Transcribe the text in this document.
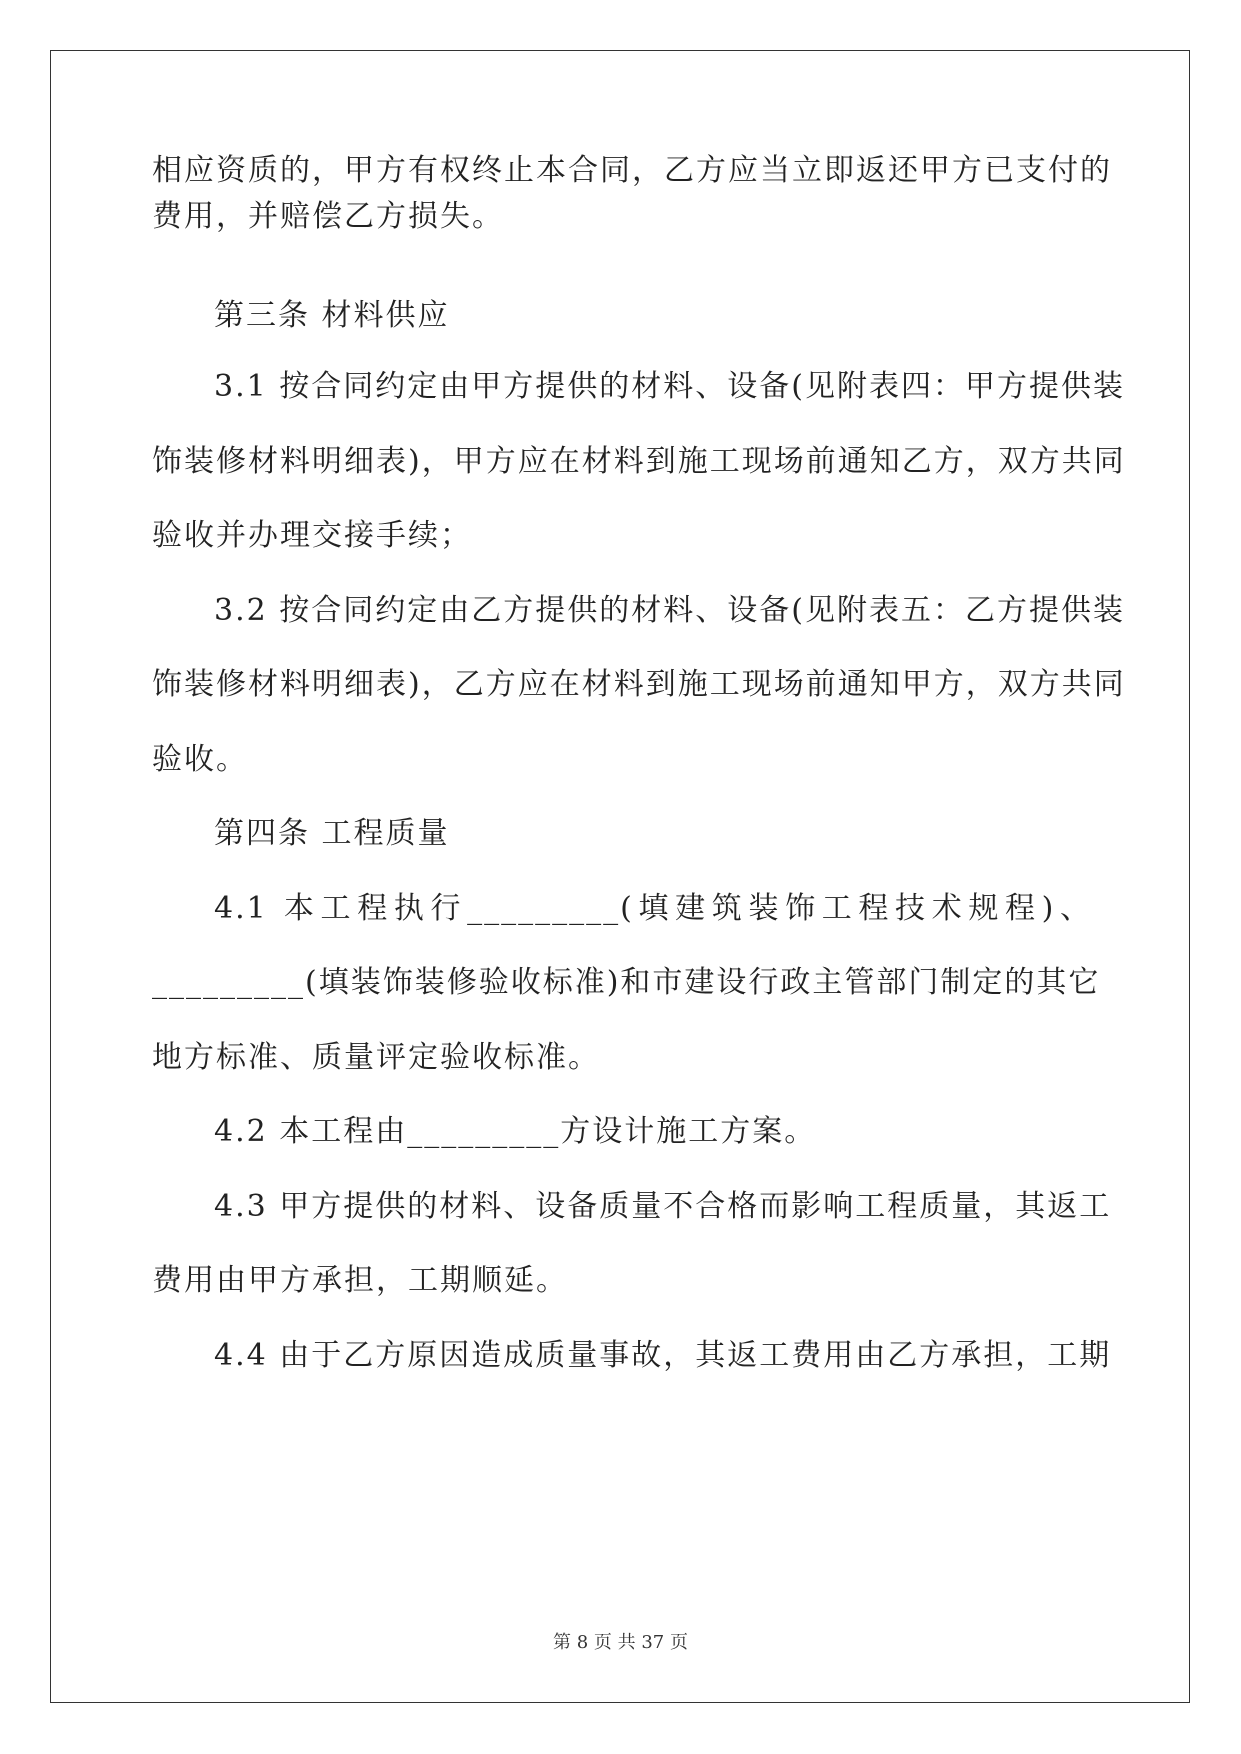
相应资质的，甲方有权终止本合同，乙方应当立即返还甲方已支付的
费用，并赔偿乙方损失。
第三条 材料供应
3.1 按合同约定由甲方提供的材料、设备(见附表四：甲方提供装
饰装修材料明细表)，甲方应在材料到施工现场前通知乙方，双方共同
验收并办理交接手续；
3.2 按合同约定由乙方提供的材料、设备(见附表五：乙方提供装
饰装修材料明细表)，乙方应在材料到施工现场前通知甲方，双方共同
验收。
第四条 工程质量
4.1 本工程执行_________(填建筑装饰工程技术规程)、
_________(填装饰装修验收标准)和市建设行政主管部门制定的其它
地方标准、质量评定验收标准。
4.2 本工程由_________方设计施工方案。
4.3 甲方提供的材料、设备质量不合格而影响工程质量，其返工
费用由甲方承担，工期顺延。
4.4 由于乙方原因造成质量事故，其返工费用由乙方承担，工期
第 8 页 共 37 页
